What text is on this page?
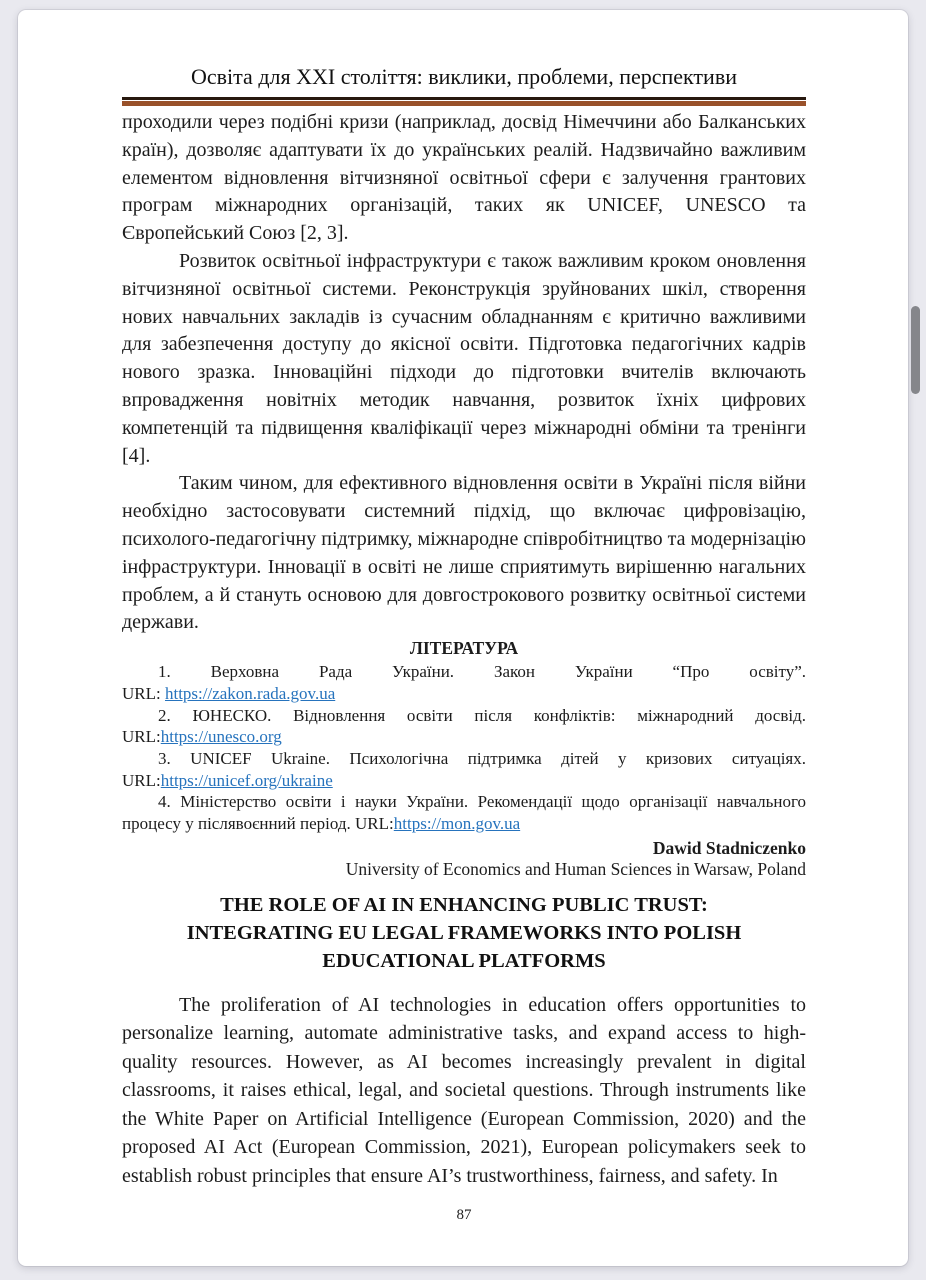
Освіта для XXI століття: виклики, проблеми, перспективи

проходили через подібні кризи (наприклад, досвід Німеччини або Балканських країн), дозволяє адаптувати їх до українських реалій. Надзвичайно важливим елементом відновлення вітчизняної освітньої сфери є залучення грантових програм міжнародних організацій, таких як UNICEF, UNESCO та Європейський Союз [2, 3].

Розвиток освітньої інфраструктури є також важливим кроком оновлення вітчизняної освітньої системи. Реконструкція зруйнованих шкіл, створення нових навчальних закладів із сучасним обладнанням є критично важливими для забезпечення доступу до якісної освіти. Підготовка педагогічних кадрів нового зразка. Інноваційні підходи до підготовки вчителів включають впровадження новітніх методик навчання, розвиток їхніх цифрових компетенцій та підвищення кваліфікації через міжнародні обміни та тренінги [4].

Таким чином, для ефективного відновлення освіти в Україні після війни необхідно застосовувати системний підхід, що включає цифровізацію, психолого-педагогічну підтримку, міжнародне співробітництво та модернізацію інфраструктури. Інновації в освіті не лише сприятимуть вирішенню нагальних проблем, а й стануть основою для довгострокового розвитку освітньої системи держави.

ЛІТЕРАТУРА
1. Верховна Рада України. Закон України “Про освіту”.
URL: https://zakon.rada.gov.ua
2. ЮНЕСКО. Відновлення освіти після конфліктів: міжнародний досвід.
URL:https://unesco.org
3. UNICEF Ukraine. Психологічна підтримка дітей у кризових ситуаціях.
URL:https://unicef.org/ukraine

4. Міністерство освіти і науки України. Рекомендації щодо організації навчального процесу у післявоєнний період. URL:https://mon.gov.ua

Dawid Stadniczenko
University of Economics and Human Sciences in Warsaw, Poland
THE ROLE OF AI IN ENHANCING PUBLIC TRUST:
INTEGRATING EU LEGAL FRAMEWORKS INTO POLISH
EDUCATIONAL PLATFORMS

The proliferation of AI technologies in education offers opportunities to personalize learning, automate administrative tasks, and expand access to high-quality resources. However, as AI becomes increasingly prevalent in digital classrooms, it raises ethical, legal, and societal questions. Through instruments like the White Paper on Artificial Intelligence (European Commission, 2020) and the proposed AI Act (European Commission, 2021), European policymakers seek to establish robust principles that ensure AI’s trustworthiness, fairness, and safety. In

87
